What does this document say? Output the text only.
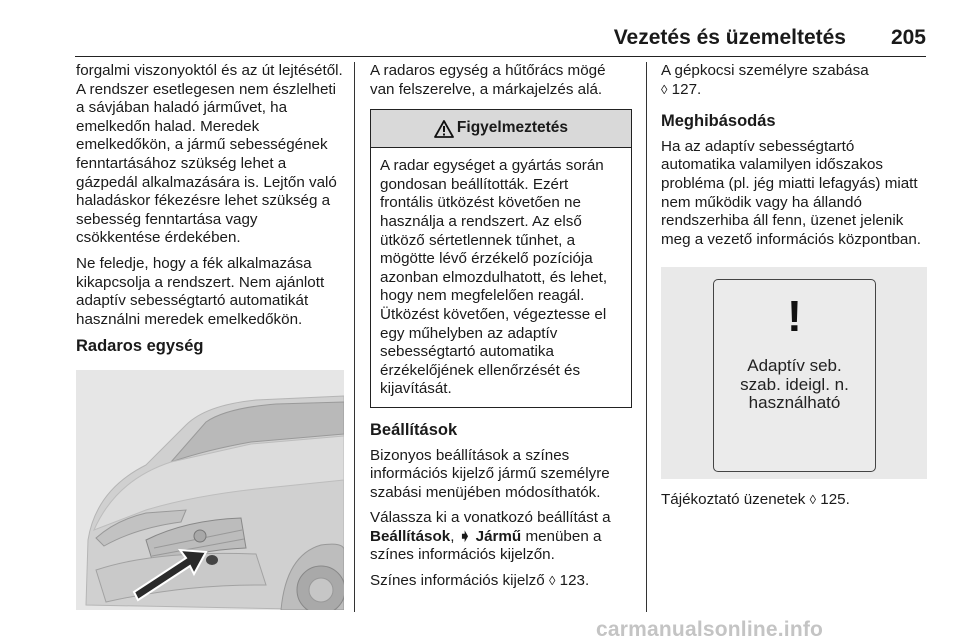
Vezetés és üzemeltetés 205

forgalmi viszonyoktól és az út lejtésétől. A rendszer esetlegesen nem észlelheti a sávjában haladó járművet, ha emelkedőn halad. Meredek emelkedőkön, a jármű sebességének fenntartásához szükség lehet a gázpedál alkalmazására is. Lejtőn való haladáskor fékezésre lehet szükség a sebesség fenntartása vagy csökkentése érdekében.

Ne feledje, hogy a fék alkalmazása kikapcsolja a rendszert. Nem ajánlott adaptív sebességtartó automatikát használni meredek emelkedőkön.

Radaros egység

A radaros egység a hűtőrács mögé van felszerelve, a márkajelzés alá.

Figyelmeztetés
A radar egységet a gyártás során gondosan beállították. Ezért frontális ütközést követően ne használja a rendszert. Az első ütköző sértetlennek tűnhet, a mögötte lévő érzékelő pozíciója azonban elmozdulhatott, és lehet, hogy nem megfelelően reagál. Ütközést követően, végeztesse el egy műhelyben az adaptív sebességtartó automatika érzékelőjének ellenőrzését és kijavítását.
Beállítások

Bizonyos beállítások a színes információs kijelző jármű személyre szabási menüjében módosíthatók.

Válassza ki a vonatkozó beállítást a Beállítások, ➧ Jármű menüben a színes információs kijelzőn.

Színes információs kijelző ◊ 123.

A gépkocsi személyre szabása
◊ 127.

Meghibásodás

Ha az adaptív sebességtartó automatika valamilyen időszakos probléma (pl. jég miatti lefagyás) miatt nem működik vagy ha állandó rendszerhiba áll fenn, üzenet jelenik meg a vezető információs központban.

!
Adaptív seb.
szab. ideigl. n.
használható

Tájékoztató üzenetek ◊ 125.

carmanualsonline.info
